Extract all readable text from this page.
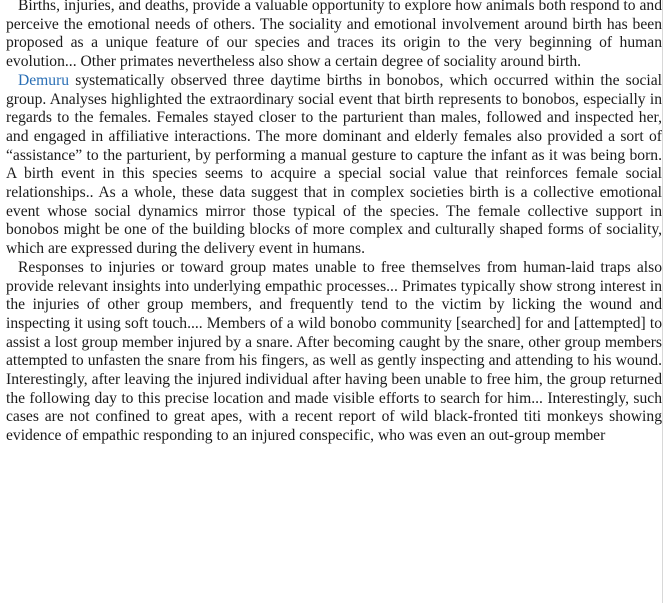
Births, injuries, and deaths, provide a valuable opportunity to explore how animals both respond to and perceive the emotional needs of others. The sociality and emotional involvement around birth has been proposed as a unique feature of our species and traces its origin to the very beginning of human evolution... Other primates nevertheless also show a certain degree of sociality around birth.

Demuru systematically observed three daytime births in bonobos, which occurred within the social group. Analyses highlighted the extraordinary social event that birth represents to bonobos, especially in regards to the females. Females stayed closer to the parturient than males, followed and inspected her, and engaged in affiliative interactions. The more dominant and elderly females also provided a sort of “assistance” to the parturient, by performing a manual gesture to capture the infant as it was being born. A birth event in this species seems to acquire a special social value that reinforces female social relationships.. As a whole, these data suggest that in complex societies birth is a collective emotional event whose social dynamics mirror those typical of the species. The female collective support in bonobos might be one of the building blocks of more complex and culturally shaped forms of sociality, which are expressed during the delivery event in humans.

Responses to injuries or toward group mates unable to free themselves from human-laid traps also provide relevant insights into underlying empathic processes... Primates typically show strong interest in the injuries of other group members, and frequently tend to the victim by licking the wound and inspecting it using soft touch.... Members of a wild bonobo community [searched] for and [attempted] to assist a lost group member injured by a snare. After becoming caught by the snare, other group members attempted to unfasten the snare from his fingers, as well as gently inspecting and attending to his wound. Interestingly, after leaving the injured individual after having been unable to free him, the group returned the following day to this precise location and made visible efforts to search for him... Interestingly, such cases are not confined to great apes, with a recent report of wild black-fronted titi monkeys showing evidence of empathic responding to an injured conspecific, who was even an out-group member
